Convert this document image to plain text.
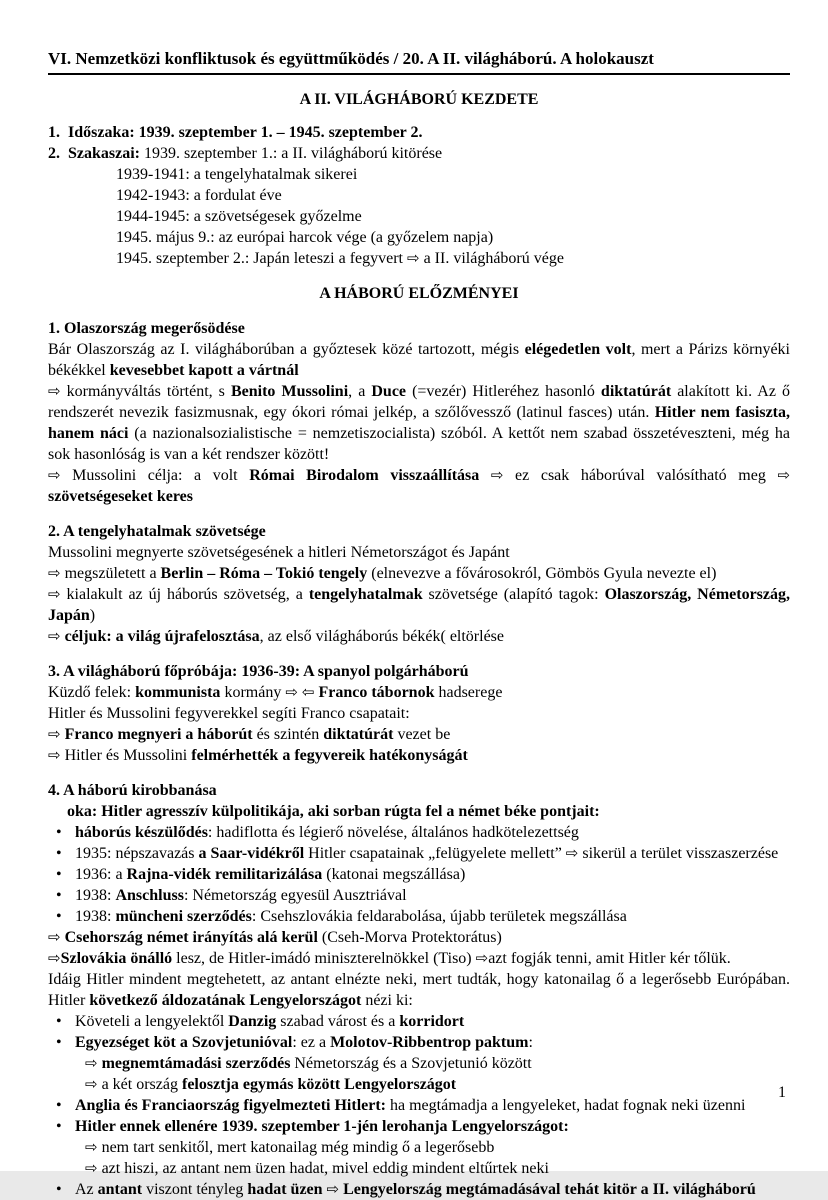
VI. Nemzetközi konfliktusok és együttműködés / 20. A II. világháború. A holokauszt
A II. VILÁGHÁBORÚ KEZDETE
1. Időszaka: 1939. szeptember 1. – 1945. szeptember 2.
2. Szakaszai: 1939. szeptember 1.: a II. világháború kitörése
1939-1941: a tengelyhatalmak sikerei
1942-1943: a fordulat éve
1944-1945: a szövetségesek győzelme
1945. május 9.: az európai harcok vége (a győzelem napja)
1945. szeptember 2.: Japán leteszi a fegyvert ⇨ a II. világháború vége
A HÁBORÚ ELŐZMÉNYEI
1. Olaszország megerősödése
Bár Olaszország az I. világháborúban a győztesek közé tartozott, mégis elégedetlen volt, mert a Párizs környéki békékkel kevesebbet kapott a vártnál
⇨ kormányváltás történt, s Benito Mussolini, a Duce (=vezér) Hitleréhez hasonló diktatúrát alakított ki. Az ő rendszerét nevezik fasizmusnak, egy ókori római jelkép, a szőlővessző (latinul fasces) után. Hitler nem fasiszta, hanem náci (a nazionalsozialistische = nemzetiszocialista) szóból. A kettőt nem szabad összetéveszteni, még ha sok hasonlóság is van a két rendszer között!
⇨ Mussolini célja: a volt Római Birodalom visszaállítása ⇨ ez csak háborúval valósítható meg ⇨ szövetségeseket keres
2. A tengelyhatalmak szövetsége
Mussolini megnyerte szövetségesének a hitleri Németországot és Japánt
⇨ megszületett a Berlin – Róma – Tokió tengely (elnevezve a fővárosokról, Gömbös Gyula nevezte el)
⇨ kialakult az új háborús szövetség, a tengelyhatalmak szövetsége (alapító tagok: Olaszország, Németország, Japán)
⇨ céljuk: a világ újrafelosztása, az első világháborús békék( eltörlése
3. A világháború főpróbája: 1936-39: A spanyol polgárháború
Küzdő felek: kommunista kormány ⇨ ⇦ Franco tábornok hadserege
Hitler és Mussolini fegyverekkel segíti Franco csapatait:
⇨ Franco megnyeri a háborút és szintén diktatúrát vezet be
⇨ Hitler és Mussolini felmérhették a fegyvereik hatékonyságát
4. A háború kirobbanása
oka: Hitler agresszív külpolitikája, aki sorban rúgta fel a német béke pontjait:
• háborús készülődés: hadiflotta és légierő növelése, általános hadkötelezettség
• 1935: népszavazás a Saar-vidékről Hitler csapatainak „felügyelete mellett” ⇨ sikerül a terület visszaszerzése
• 1936: a Rajna-vidék remilitarizálása (katonai megszállása)
• 1938: Anschluss: Németország egyesül Ausztriával
• 1938: müncheni szerződés: Csehszlovákia feldarabolása, újabb területek megszállása
⇨ Csehország német irányítás alá kerül (Cseh-Morva Protektorátus)
⇨Szlovákia önálló lesz, de Hitler-imádó miniszterelnökkel (Tiso) ⇨azt fogják tenni, amit Hitler kér tőlük.
Idáig Hitler mindent megtehetett, az antant elnézte neki, mert tudták, hogy katonailag ő a legerősebb Európában. Hitler következő áldozatának Lengyelországot nézi ki:
• Követeli a lengyelektől Danzig szabad várost és a korridort
• Egyezséget köt a Szovjetunióval: ez a Molotov-Ribbentrop paktum:
⇨ megnemtámadási szerződés Németország és a Szovjetunió között
⇨ a két ország felosztja egymás között Lengyelországot
• Anglia és Franciaország figyelmezteti Hitlert: ha megtámadja a lengyeleket, hadat fognak neki üzenni
• Hitler ennek ellenére 1939. szeptember 1-jén lerohanja Lengyelországot:
⇨ nem tart senkitől, mert katonailag még mindig ő a legerősebb
⇨ azt hiszi, az antant nem üzen hadat, mivel eddig mindent eltűrtek neki
• Az antant viszont tényleg hadat üzen ⇨ Lengyelország megtámadásával tehát kitör a II. világháború
1
